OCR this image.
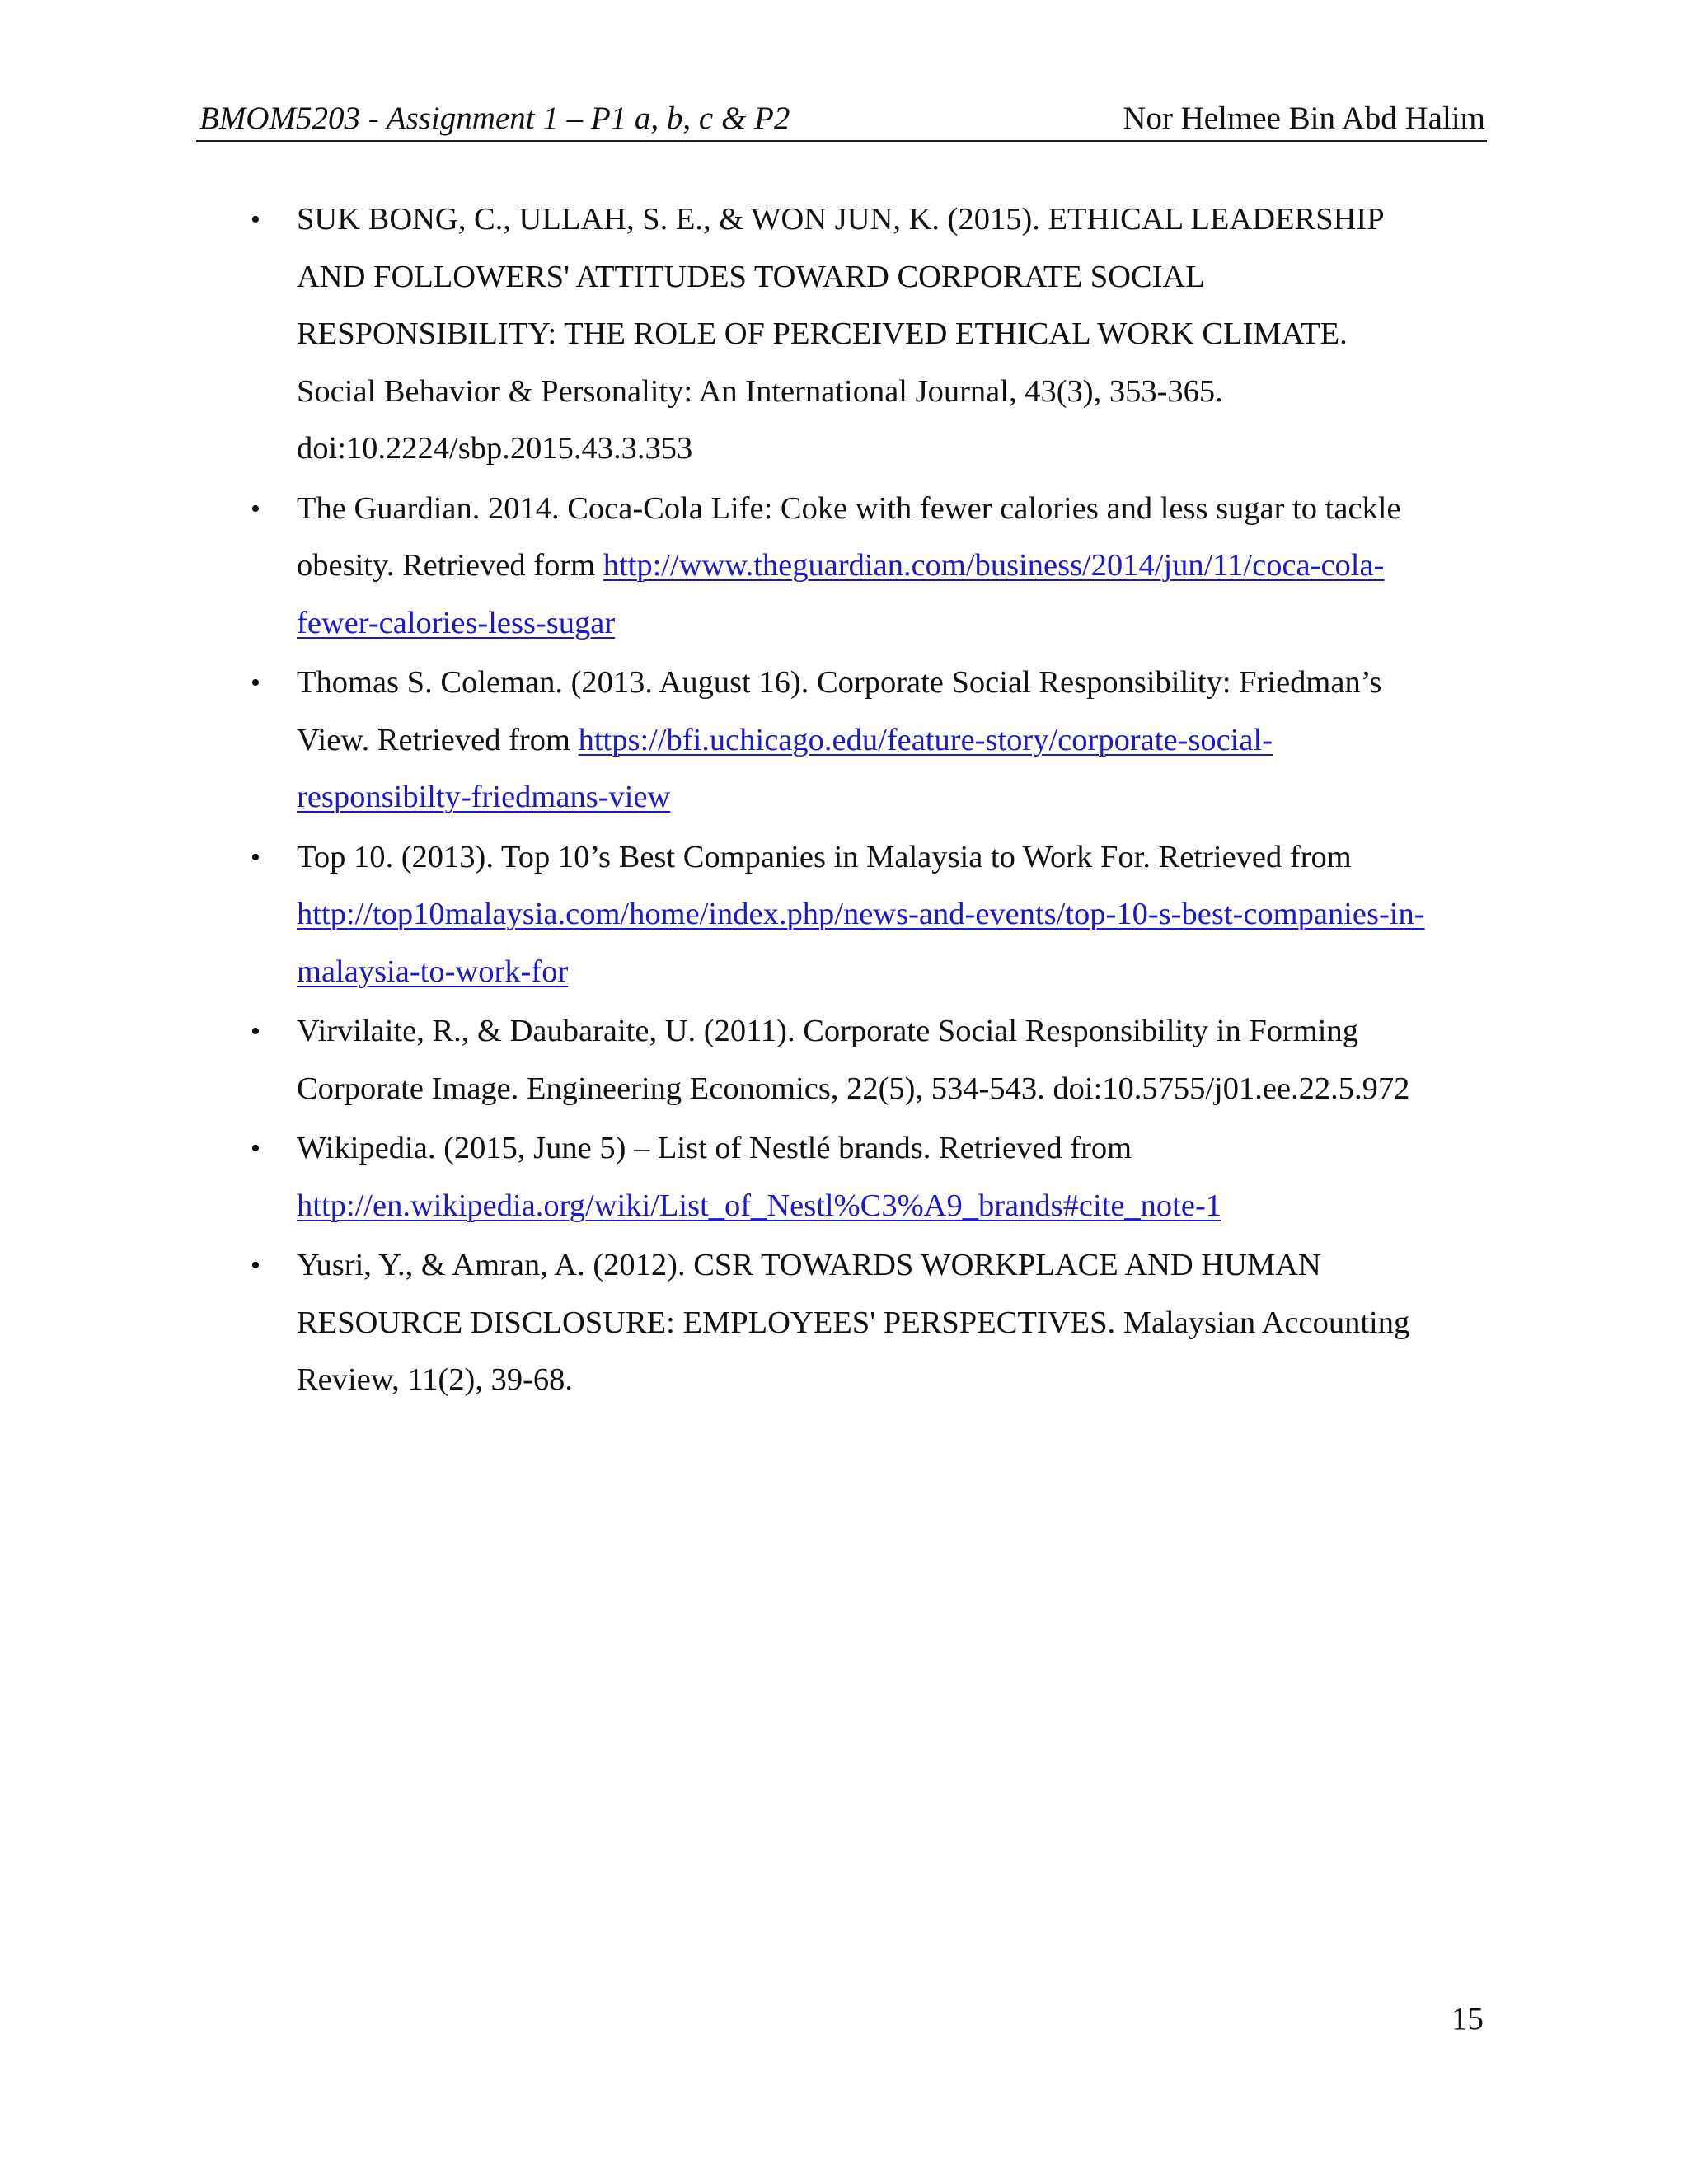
BMOM5203 - Assignment 1 – P1 a, b, c & P2	Nor Helmee Bin Abd Halim
• SUK BONG, C., ULLAH, S. E., & WON JUN, K. (2015). ETHICAL LEADERSHIP
AND FOLLOWERS' ATTITUDES TOWARD CORPORATE SOCIAL
RESPONSIBILITY: THE ROLE OF PERCEIVED ETHICAL WORK CLIMATE.
Social Behavior & Personality: An International Journal, 43(3), 353-365.
doi:10.2224/sbp.2015.43.3.353
• The Guardian. 2014. Coca-Cola Life: Coke with fewer calories and less sugar to tackle
obesity. Retrieved form http://www.theguardian.com/business/2014/jun/11/coca-cola-
fewer-calories-less-sugar
• Thomas S. Coleman. (2013. August 16). Corporate Social Responsibility: Friedman’s
View. Retrieved from https://bfi.uchicago.edu/feature-story/corporate-social-
responsibilty-friedmans-view
• Top 10. (2013). Top 10’s Best Companies in Malaysia to Work For. Retrieved from
http://top10malaysia.com/home/index.php/news-and-events/top-10-s-best-companies-in-
malaysia-to-work-for
• Virvilaite, R., & Daubaraite, U. (2011). Corporate Social Responsibility in Forming
Corporate Image. Engineering Economics, 22(5), 534-543. doi:10.5755/j01.ee.22.5.972
• Wikipedia. (2015, June 5) – List of Nestlé brands. Retrieved from
http://en.wikipedia.org/wiki/List_of_Nestl%C3%A9_brands#cite_note-1
• Yusri, Y., & Amran, A. (2012). CSR TOWARDS WORKPLACE AND HUMAN
RESOURCE DISCLOSURE: EMPLOYEES' PERSPECTIVES. Malaysian Accounting
Review, 11(2), 39-68.
15
